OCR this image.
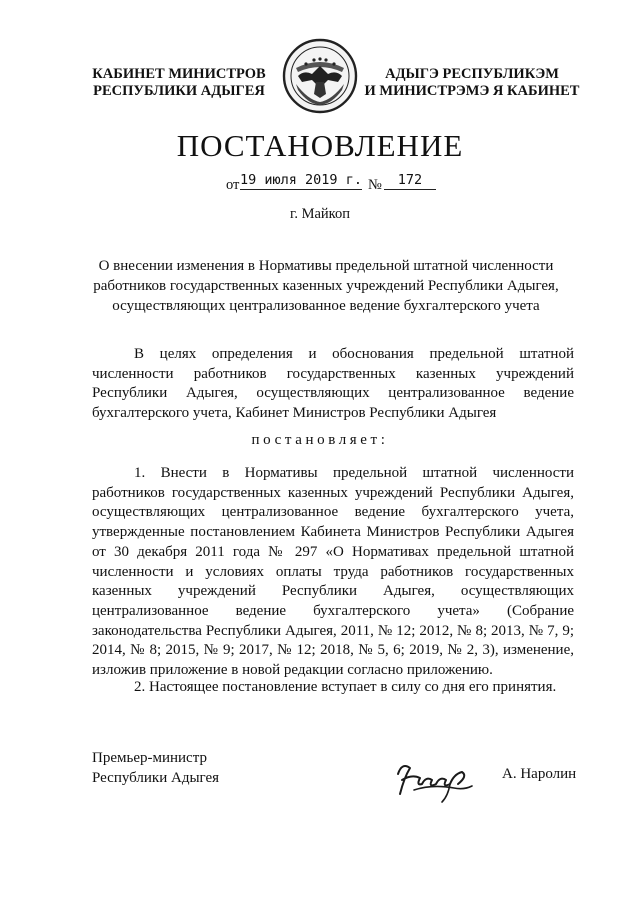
КАБИНЕТ МИНИСТРОВ
РЕСПУБЛИКИ АДЫГЕЯ
АДЫГЭ РЕСПУБЛИКЭМ
И МИНИСТРЭМЭ Я КАБИНЕТ
ПОСТАНОВЛЕНИЕ
от 19 июля 2019 г. №	172
г. Майкоп
О внесении изменения в Нормативы предельной штатной численности работников государственных казенных учреждений Республики Адыгея, осуществляющих централизованное ведение бухгалтерского учета
В целях определения и обоснования предельной штатной численности работников государственных казенных учреждений Республики Адыгея, осуществляющих централизованное ведение бухгалтерского учета, Кабинет Министров Республики Адыгея
постановляет:
1. Внести в Нормативы предельной штатной численности работников государственных казенных учреждений Республики Адыгея, осуществляющих централизованное ведение бухгалтерского учета, утвержденные постановлением Кабинета Министров Республики Адыгея от 30 декабря 2011 года № 297 «О Нормативах предельной штатной численности и условиях оплаты труда работников государственных казенных учреждений Республики Адыгея, осуществляющих централизованное ведение бухгалтерского учета» (Собрание законодательства Республики Адыгея, 2011, № 12; 2012, № 8; 2013, № 7, 9; 2014, № 8; 2015, № 9; 2017, № 12; 2018, № 5, 6; 2019, № 2, 3), изменение, изложив приложение в новой редакции согласно приложению.
2. Настоящее постановление вступает в силу со дня его принятия.
Премьер-министр
Республики Адыгея	А. Наролин
